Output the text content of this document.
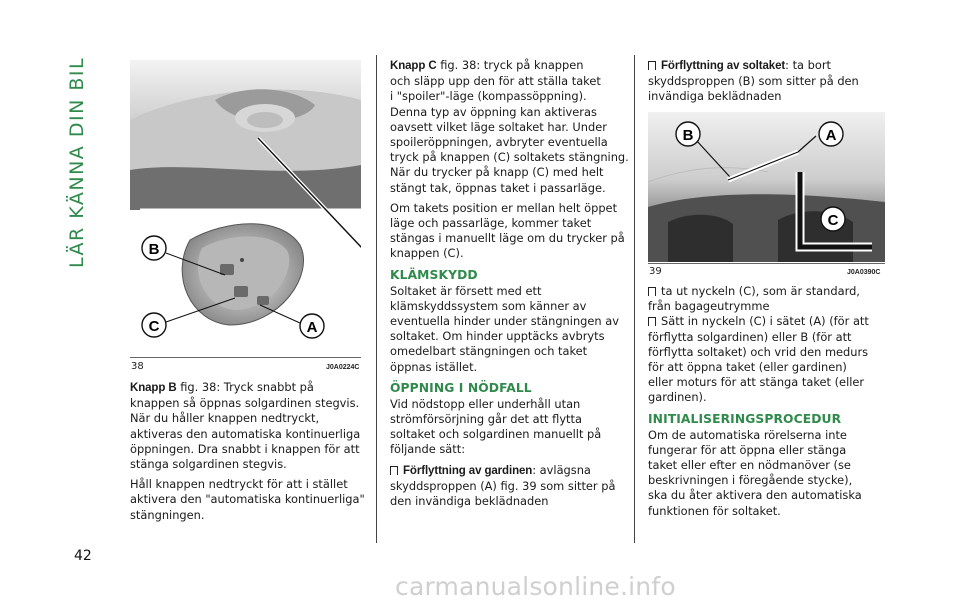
LÄR KÄNNA DIN BIL
42
B
C	A
38	J0A0224C

Knapp B fig. 38: Tryck snabbt på
knappen så öppnas solgardinen stegvis.
När du håller knappen nedtryckt,
aktiveras den automatiska kontinuerliga
öppningen. Dra snabbt i knappen för att
stänga solgardinen stegvis.

Håll knappen nedtryckt för att i stället
aktivera den "automatiska kontinuerliga"
stängningen.

Knapp C fig. 38: tryck på knappen
och släpp upp den för att ställa taket
i "spoiler"-läge (kompassöppning).
Denna typ av öppning kan aktiveras
oavsett vilket läge soltaket har. Under
spoileröppningen, avbryter eventuella
tryck på knappen (C) soltakets stängning.
När du trycker på knapp (C) med helt
stängt tak, öppnas taket i passarläge.

Om takets position er mellan helt öppet
läge och passarläge, kommer taket
stängas i manuellt läge om du trycker på
knappen (C).

KLÄMSKYDD

Soltaket är försett med ett
klämskyddssystem som känner av
eventuella hinder under stängningen av
soltaket. Om hinder upptäcks avbryts
omedelbart stängningen och taket
öppnas istället.

ÖPPNING I NÖDFALL

Vid nödstopp eller underhåll utan
strömförsörjning går det att flytta
soltaket och solgardinen manuellt på
följande sätt:

Förflyttning av gardinen: avlägsna
skyddsproppen (A) fig. 39 som sitter på
den invändiga beklädnaden

Förflyttning av soltaket: ta bort
skyddsproppen (B) som sitter på den
invändiga beklädnaden

B	A
C
39	J0A0390C

ta ut nyckeln (C), som är standard,
från bagageutrymme

Sätt in nyckeln (C) i sätet (A) (för att
förflytta solgardinen) eller B (för att
förflytta soltaket) och vrid den medurs
för att öppna taket (eller gardinen)
eller moturs för att stänga taket (eller
gardinen).

INITIALISERINGSPROCEDUR

Om de automatiska rörelserna inte
fungerar för att öppna eller stänga
taket eller efter en nödmanöver (se
beskrivningen i föregående stycke),
ska du åter aktivera den automatiska
funktionen för soltaket.

carmanualsonline.info
